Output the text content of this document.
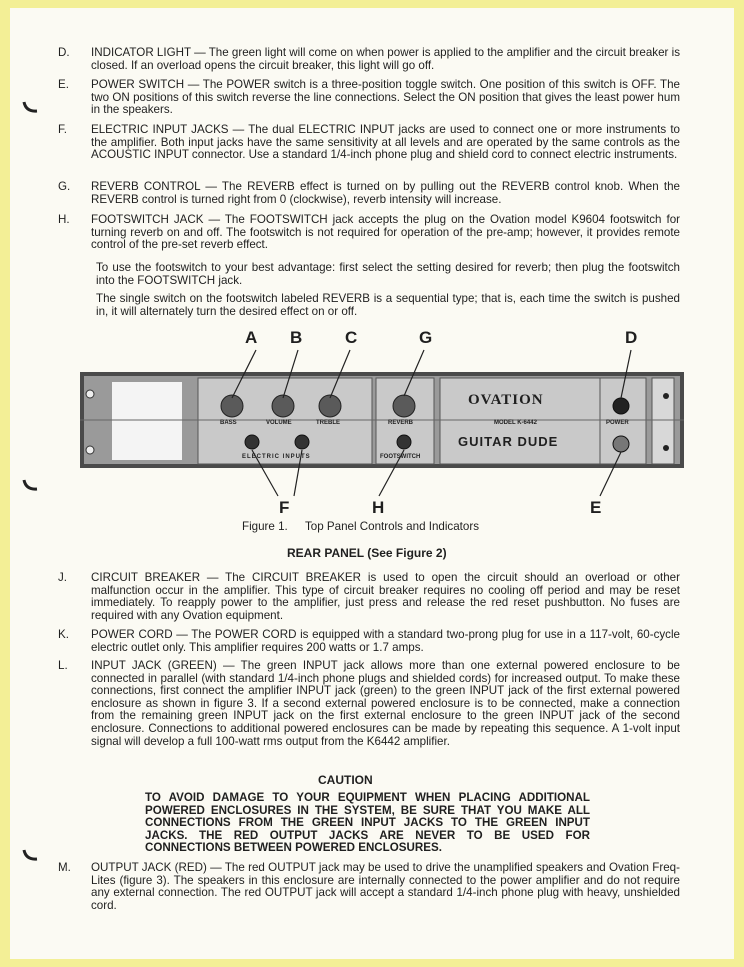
D.	INDICATOR LIGHT — The green light will come on when power is applied to the amplifier and the circuit breaker is closed. If an overload opens the circuit breaker, this light will go off.
E.	POWER SWITCH — The POWER switch is a three-position toggle switch. One position of this switch is OFF. The two ON positions of this switch reverse the line connections. Select the ON position that gives the least power hum in the speakers.
F.	ELECTRIC INPUT JACKS — The dual ELECTRIC INPUT jacks are used to connect one or more instruments to the amplifier. Both input jacks have the same sensitivity at all levels and are operated by the same controls as the ACOUSTIC INPUT connector. Use a standard 1/4-inch phone plug and shield cord to connect electric instruments.
G.	REVERB CONTROL — The REVERB effect is turned on by pulling out the REVERB control knob. When the REVERB control is turned right from 0 (clockwise), reverb intensity will increase.
H.	FOOTSWITCH JACK — The FOOTSWITCH jack accepts the plug on the Ovation model K9604 footswitch for turning reverb on and off. The footswitch is not required for operation of the pre-amp; however, it provides remote control of the pre-set reverb effect.
To use the footswitch to your best advantage: first select the setting desired for reverb; then plug the footswitch into the FOOTSWITCH jack.
The single switch on the footswitch labeled REVERB is a sequential type; that is, each time the switch is pushed in, it will alternately turn the desired effect on or off.
A B	C	G	D
F	H	E
BASS	VOLUME	TREBLE	REVERB	POWER
ELECTRIC INPUTS	FOOTSWITCH
OVATION
MODEL K-6442
GUITAR DUDE
Figure 1. Top Panel Controls and Indicators
REAR PANEL (See Figure 2)
J.	CIRCUIT BREAKER — The CIRCUIT BREAKER is used to open the circuit should an overload or other malfunction occur in the amplifier. This type of circuit breaker requires no cooling off period and may be reset immediately. To reapply power to the amplifier, just press and release the red reset pushbutton. No fuses are required with any Ovation equipment.
K.	POWER CORD — The POWER CORD is equipped with a standard two-prong plug for use in a 117-volt, 60-cycle electric outlet only. This amplifier requires 200 watts or 1.7 amps.
L.	INPUT JACK (GREEN) — The green INPUT jack allows more than one external powered enclosure to be connected in parallel (with standard 1/4-inch phone plugs and shielded cords) for increased output. To make these connections, first connect the amplifier INPUT jack (green) to the green INPUT jack of the first external powered enclosure as shown in figure 3. If a second external powered enclosure is to be connected, make a connection from the remaining green INPUT jack on the first external enclosure to the green INPUT jack of the second enclosure. Connections to additional powered enclosures can be made by repeating this sequence. A 1-volt input signal will develop a full 100-watt rms output from the K6442 amplifier.
CAUTION
TO AVOID DAMAGE TO YOUR EQUIPMENT WHEN PLACING ADDITIONAL POWERED ENCLOSURES IN THE SYSTEM, BE SURE THAT YOU MAKE ALL CONNECTIONS FROM THE GREEN INPUT JACKS TO THE GREEN INPUT JACKS. THE RED OUTPUT JACKS ARE NEVER TO BE USED FOR CONNECTIONS BETWEEN POWERED ENCLOSURES.
M.	OUTPUT JACK (RED) — The red OUTPUT jack may be used to drive the unamplified speakers and Ovation Freq-Lites (figure 3). The speakers in this enclosure are internally connected to the power amplifier and do not require any external connection. The red OUTPUT jack will accept a standard 1/4-inch phone plug with heavy, unshielded cord.
